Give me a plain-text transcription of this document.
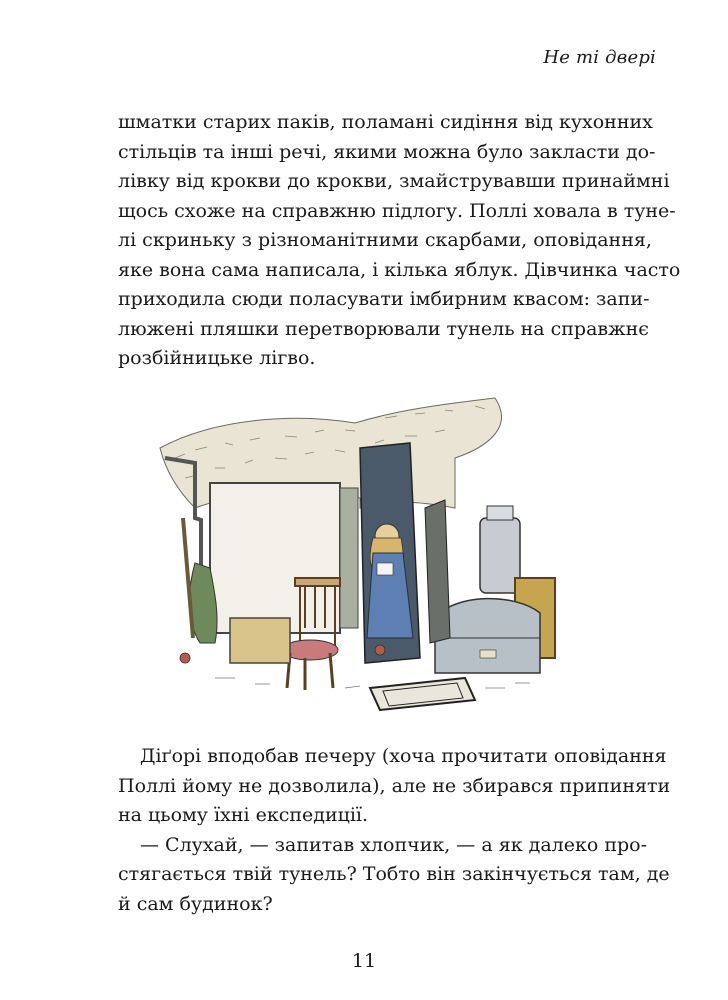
Не ті двері

шматки старих паків, поламані сидіння від кухонних
стільців та інші речі, якими можна було закласти до-
лівку від крокви до крокви, змайструвавши принаймні
щось схоже на справжню підлогу. Поллі ховала в туне-
лі скриньку з різноманітними скарбами, оповідання,
яке вона сама написала, і кілька яблук. Дівчинка часто
приходила сюди поласувати імбирним квасом: запи-
люжені пляшки перетворювали тунель на справжнє
розбійницьке лігво.

Діґорі вподобав печеру (хоча прочитати оповідання
Поллі йому не дозволила), але не збирався припиняти
на цьому їхні експедиції.
— Слухай, — запитав хлопчик, — а як далеко про-
стягається твій тунель? Тобто він закінчується там, де
й сам будинок?

11
